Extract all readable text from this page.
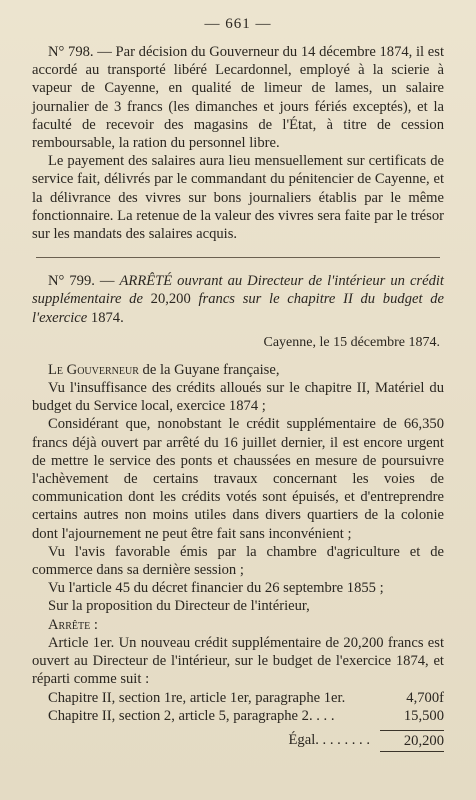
— 661 —

N° 798. — Par décision du Gouverneur du 14 décembre 1874, il est accordé au transporté libéré Lecardonnel, employé à la scierie à vapeur de Cayenne, en qualité de limeur de lames, un salaire journalier de 3 francs (les dimanches et jours fériés exceptés), et la faculté de recevoir des magasins de l'État, à titre de cession remboursable, la ration du personnel libre.

Le payement des salaires aura lieu mensuellement sur certificats de service fait, délivrés par le commandant du pénitencier de Cayenne, et la délivrance des vivres sur bons journaliers établis par le même fonctionnaire. La retenue de la valeur des vivres sera faite par le trésor sur les mandats des salaires acquis.

N° 799. — ARRÊTÉ ouvrant au Directeur de l'intérieur un crédit supplémentaire de 20,200 francs sur le chapitre II du budget de l'exercice 1874.

Cayenne, le 15 décembre 1874.

Le Gouverneur de la Guyane française,

Vu l'insuffisance des crédits alloués sur le chapitre II, Matériel du budget du Service local, exercice 1874 ;

Considérant que, nonobstant le crédit supplémentaire de 66,350 francs déjà ouvert par arrêté du 16 juillet dernier, il est encore urgent de mettre le service des ponts et chaussées en mesure de poursuivre l'achèvement de certains travaux concernant les voies de communication dont les crédits votés sont épuisés, et d'entreprendre certains autres non moins utiles dans divers quartiers de la colonie dont l'ajournement ne peut être fait sans inconvénient ;

Vu l'avis favorable émis par la chambre d'agriculture et de commerce dans sa dernière session ;

Vu l'article 45 du décret financier du 26 septembre 1855 ;

Sur la proposition du Directeur de l'intérieur,

Arrête :

Article 1er. Un nouveau crédit supplémentaire de 20,200 francs est ouvert au Directeur de l'intérieur, sur le budget de l'exercice 1874, et réparti comme suit :

Chapitre II, section 1re, article 1er, paragraphe 1er.	4,700f
Chapitre II, section 2, article 5, paragraphe 2. . . .	15,500
Égal. . . . . . . .	20,200
